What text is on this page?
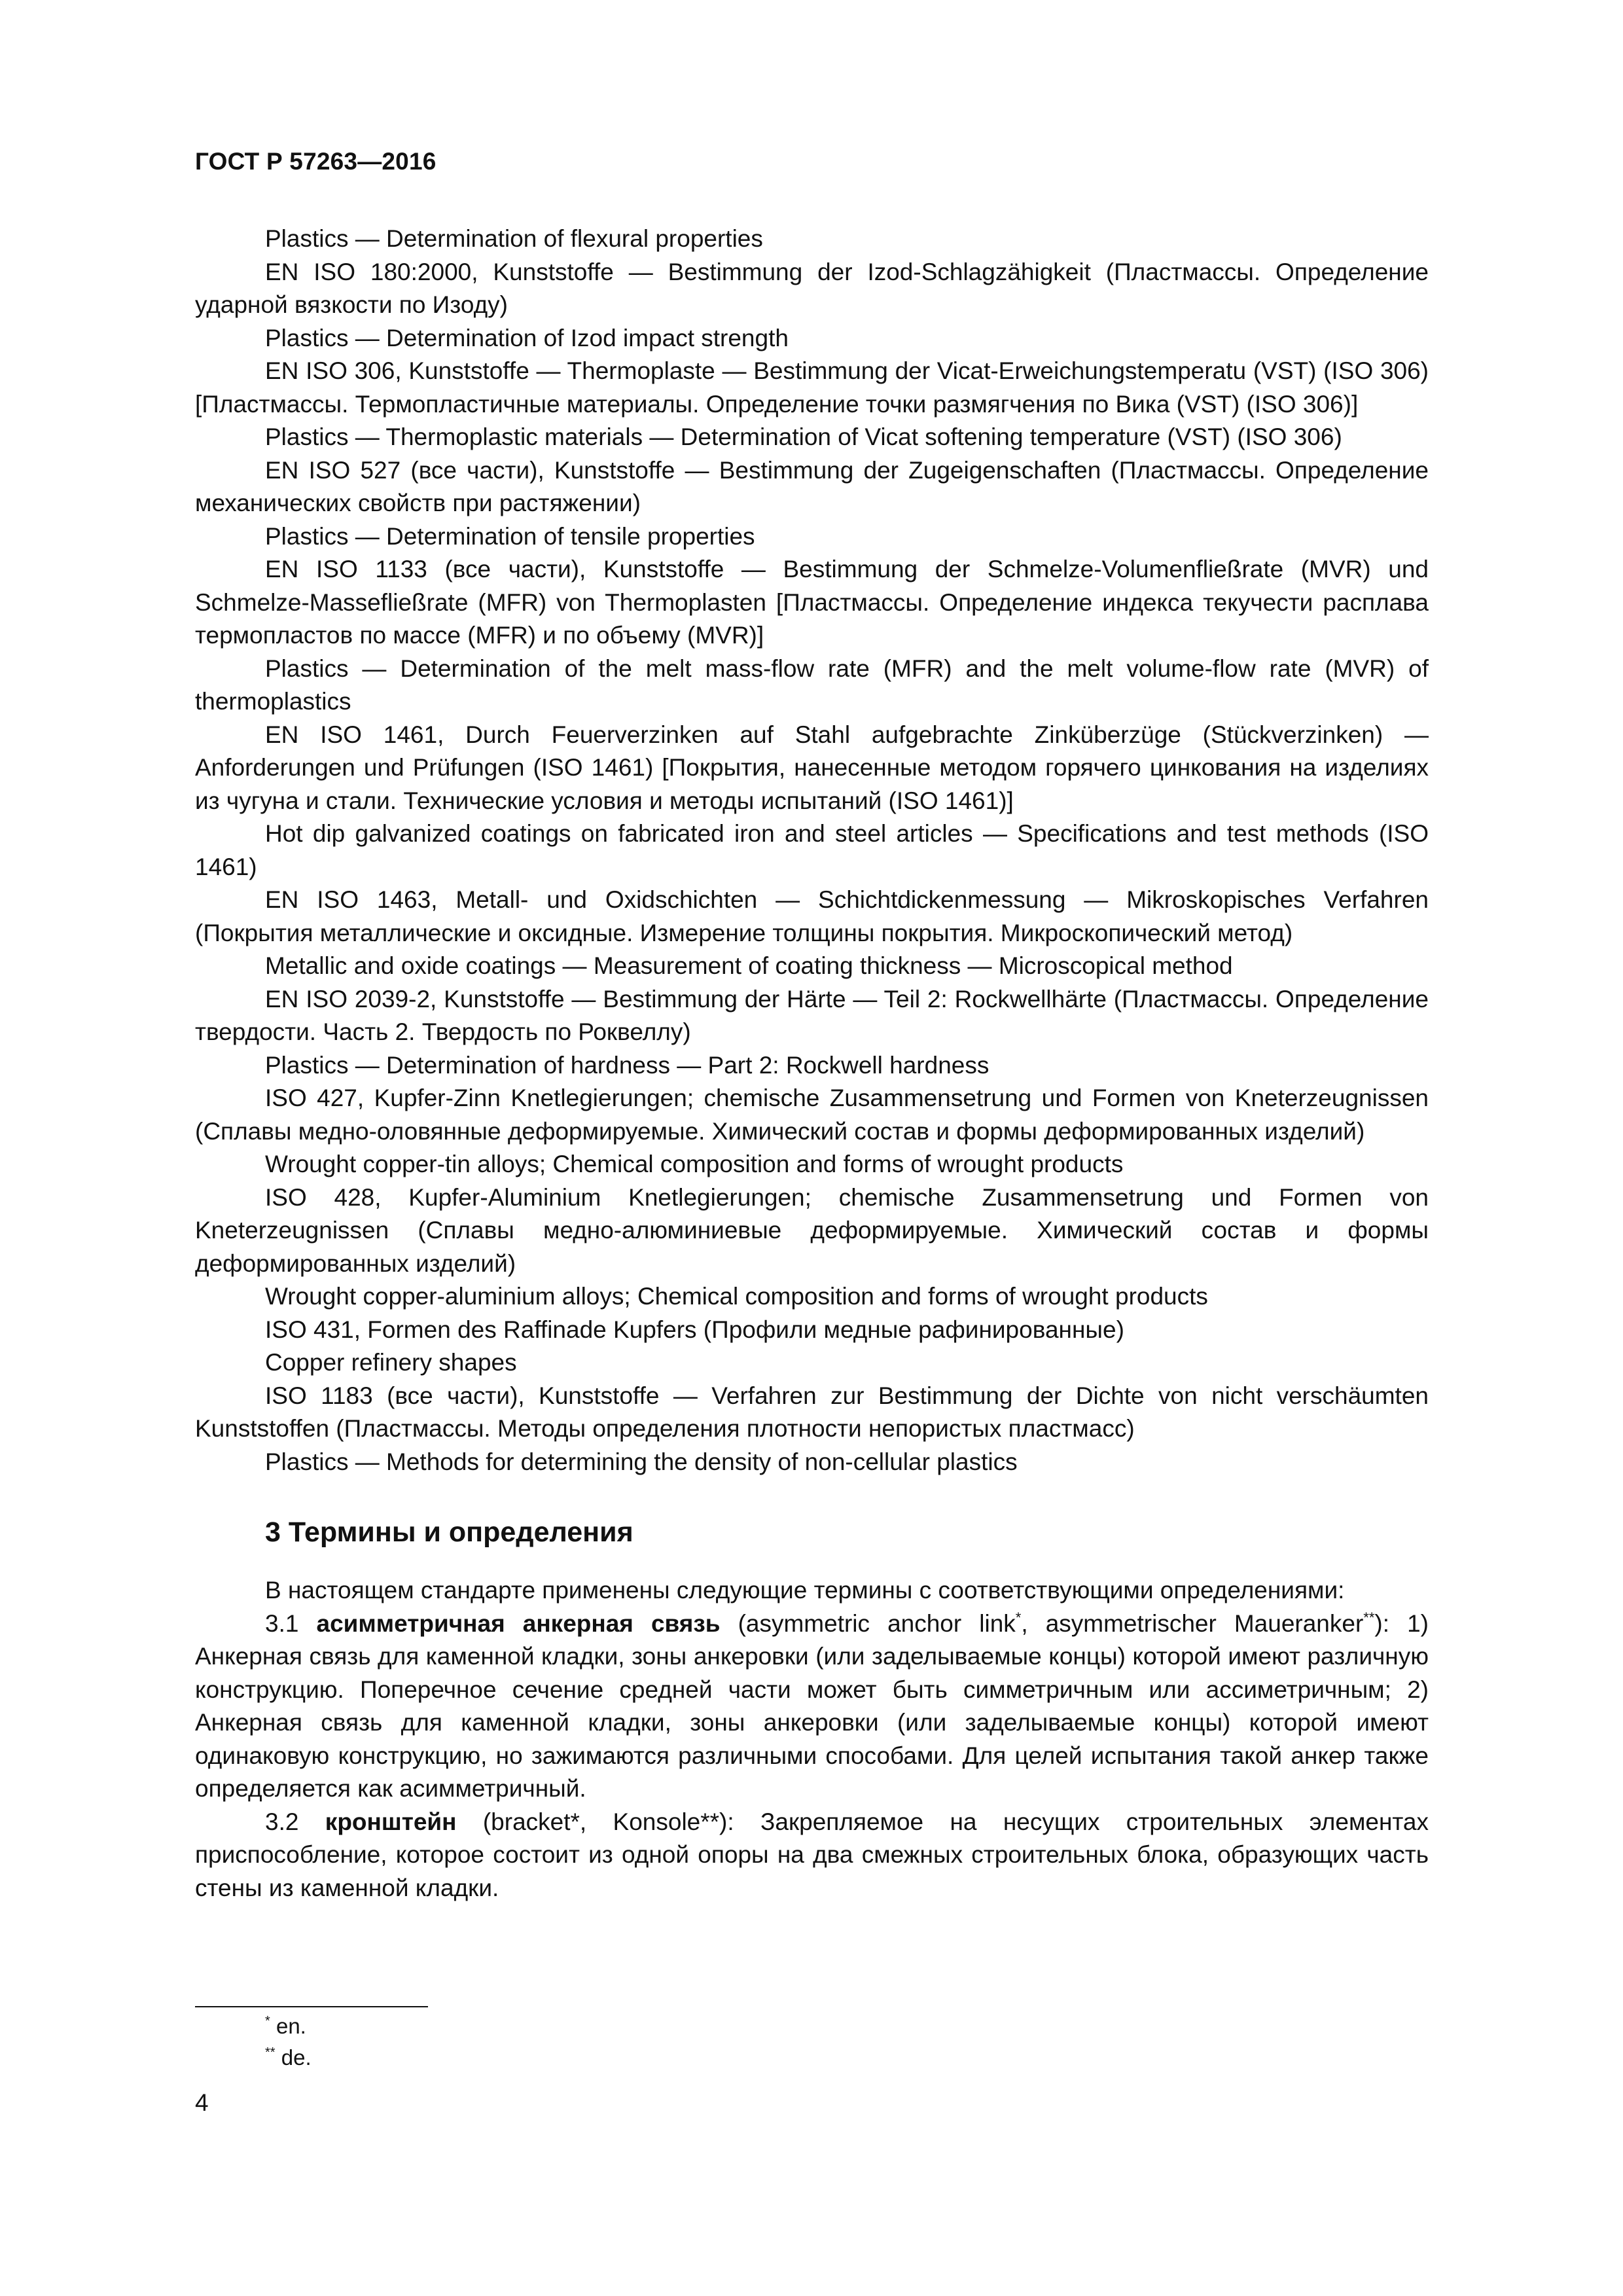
ГОСТ Р 57263—2016

Plastics — Determination of flexural properties

EN ISO 180:2000, Kunststoffe — Bestimmung der Izod-Schlagzähigkeit (Пластмассы. Определение ударной вязкости по Изоду)

Plastics — Determination of Izod impact strength

EN ISO 306, Kunststoffe — Thermoplaste — Bestimmung der Vicat-Erweichungstemperatu (VST) (ISO 306) [Пластмассы. Термопластичные материалы. Определение точки размягчения по Вика (VST) (ISO 306)]

Plastics — Thermoplastic materials — Determination of Vicat softening temperature (VST) (ISO 306)

EN ISO 527 (все части), Kunststoffe — Bestimmung der Zugeigenschaften (Пластмассы. Определение механических свойств при растяжении)

Plastics — Determination of tensile properties

EN ISO 1133 (все части), Kunststoffe — Bestimmung der Schmelze-Volumenfließrate (MVR) und Schmelze-Massefließrate (MFR) von Thermoplasten [Пластмассы. Определение индекса текучести расплава термопластов по массе (MFR) и по объему (MVR)]

Plastics — Determination of the melt mass-flow rate (MFR) and the melt volume-flow rate (MVR) of thermoplastics

EN ISO 1461, Durch Feuerverzinken auf Stahl aufgebrachte Zinküberzüge (Stückverzinken) — Anforderungen und Prüfungen (ISO 1461) [Покрытия, нанесенные методом горячего цинкования на изделиях из чугуна и стали. Технические условия и методы испытаний (ISO 1461)]

Hot dip galvanized coatings on fabricated iron and steel articles — Specifications and test methods (ISO 1461)

EN ISO 1463, Metall- und Oxidschichten — Schichtdickenmessung — Mikroskopisches Verfahren (Покрытия металлические и оксидные. Измерение толщины покрытия. Микроскопический метод)

Metallic and oxide coatings — Measurement of coating thickness — Microscopical method

EN ISO 2039-2, Kunststoffe — Bestimmung der Härte — Teil 2: Rockwellhärte (Пластмассы. Определение твердости. Часть 2. Твердость по Роквеллу)

Plastics — Determination of hardness — Part 2: Rockwell hardness

ISO 427, Kupfer-Zinn Knetlegierungen; chemische Zusammensetrung und Formen von Kneterzeugnissen (Сплавы медно-оловянные деформируемые. Химический состав и формы деформированных изделий)

Wrought copper-tin alloys; Chemical composition and forms of wrought products

ISO 428, Kupfer-Aluminium Knetlegierungen; chemische Zusammensetrung und Formen von Kneterzeugnissen (Сплавы медно-алюминиевые деформируемые. Химический состав и формы деформированных изделий)

Wrought copper-aluminium alloys; Chemical composition and forms of wrought products

ISO 431, Formen des Raffinade Kupfers (Профили медные рафинированные)

Copper refinery shapes

ISO 1183 (все части), Kunststoffe — Verfahren zur Bestimmung der Dichte von nicht verschäumten Kunststoffen (Пластмассы. Методы определения плотности непористых пластмасс)

Plastics — Methods for determining the density of non-cellular plastics

3 Термины и определения

В настоящем стандарте применены следующие термины с соответствующими определениями:

3.1 асимметричная анкерная связь (asymmetric anchor link*, asymmetrischer Maueranker**): 1) Анкерная связь для каменной кладки, зоны анкеровки (или заделываемые концы) которой имеют различную конструкцию. Поперечное сечение средней части может быть симметричным или ассиметричным; 2) Анкерная связь для каменной кладки, зоны анкеровки (или заделываемые концы) которой имеют одинаковую конструкцию, но зажимаются различными способами. Для целей испытания такой анкер также определяется как асимметричный.

3.2 кронштейн (bracket*, Konsole**): Закрепляемое на несущих строительных элементах приспособление, которое состоит из одной опоры на два смежных строительных блока, образующих часть стены из каменной кладки.

* en.
** de.
4
